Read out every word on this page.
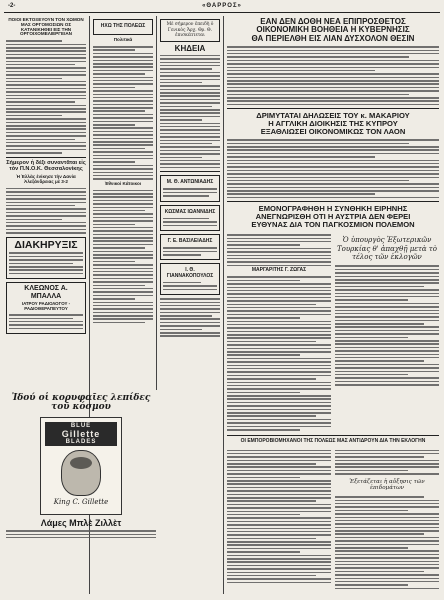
-2-	«ΘΑΡΡΟΣ»
ΠΟΙΟΙ ΕΚΤΟΞΕΥΟΥΝ ΤΟΝ ΧΩΜΟΝ ΜΑΣ ΟΡΓΟΜΟΣΙΩΝ ΟΣ ΚΑΤΑΝΙΚΗΘΕΙ ΕΙΣ ΤΗΝ ΟΡΓΟΙΧΟΜΕΛΙΕΡΓΕΙΑΝ
Σήμερον ἡ δέξι συναντᾶται εἰς τὸν Π.Ν.Ο.Κ. Θεσσαλονίκης
Ἡ Ἑλλὰς ἐνίκησε τὴν Δανία Ἀλεξάνδρειας μὲ 3-2
ΔΙΑΚΗΡΥΞΙΣ
ΚΛΕΩΝΟΣ Α. ΜΠΑΛΛΑ
ΙΑΤΡΟΥ ΡΑΔΙΟΛΟΓΟΥ - ΡΑΔΙΟΘΕΡΑΠΕΥΤΟΥ
Ἰδού οἱ κορυφαῖες λεπίδες τοῦ κόσμου
BLUE
Gillette
BLADES
King C. Gillette
Λάμες Μπλὲ Ζιλλὲτ
ΗΧΩ ΤΗΣ ΠΟΛΕΩΣ
Πολιτικά
Ἐθνικοὶ Κάτοικοι
Μὲ σήμερον ἐπειδὴ ὁ Γενικὸς Ἀρχ. Θρ. Θ. ἐπισκέπτεται
ΚΗΔΕΙΑ
Μ. Θ. ΑΝΤΩΝΙΑΔΗΣ
ΚΩΣΜΑΣ ΙΩΑΝΝΙΔΗΣ
Γ. Ε. ΒΑΣΙΛΕΙΑΔΗΣ
Ι. Θ. ΓΙΑΝΝΑΚΟΠΟΥΛΟΣ
ΕΑΝ ΔΕΝ ΔΟΘΗ ΝΕΑ ΕΠΙΠΡΟΣΘΕΤΟΣ
ΟΙΚΟΝΟΜΙΚΗ ΒΟΗΘΕΙΑ Η ΚΥΒΕΡΝΗΣΙΣ
ΘΑ ΠΕΡΙΕΛΘΗ ΕΙΣ ΛΙΑΝ ΔΥΣΧΟΛΟΝ ΘΕΣΙΝ
ΔΡΙΜΥΤΑΤΑΙ ΔΗΛΩΣΕΙΣ ΤΟΥ κ. ΜΑΚΑΡΙΟΥ
Η ΑΓΓΛΙΚΗ ΔΙΟΙΚΗΣΙΣ ΤΗΣ ΚΥΠΡΟΥ
ΕΞΑΘΛΙΩΣΕΙ ΟΙΚΟΝΟΜΙΚΩΣ ΤΟΝ ΛΑΟΝ
ΕΜΟΝΟΓΡΑΦΗΘΗ Η ΣΥΝΘΗΚΗ ΕΙΡΗΝΗΣ
ΑΝΕΓΝΩΡΙΣΘΗ ΟΤΙ Η ΑΥΣΤΡΙΑ ΔΕΝ ΦΕΡΕΙ
ΕΥΘΥΝΑΣ ΔΙΑ ΤΟΝ ΠΑΓΚΟΣΜΙΟΝ ΠΟΛΕΜΟΝ
ΜΑΡΓΑΡΙΤΗΣ Γ. ΖΩΓΑΣ
Ὁ ὑπουργὸς Ἐξωτερικῶν Τουρκίας θ' ἀπαχθῇ μετὰ τὸ τέλος τῶν ἐκλογῶν
ΟΙ ΕΜΠΟΡΟΒΙΟΜΗΧΑΝΟΙ ΤΗΣ ΠΟΛΕΩΣ ΜΑΣ ΑΝΤΙΔΡΟΥΝ ΔΙΑ ΤΗΝ ΕΚΛΟΓΗΝ
Ἐξετάζεται ἡ αὔξησις τῶν ἐπιδομάτων
